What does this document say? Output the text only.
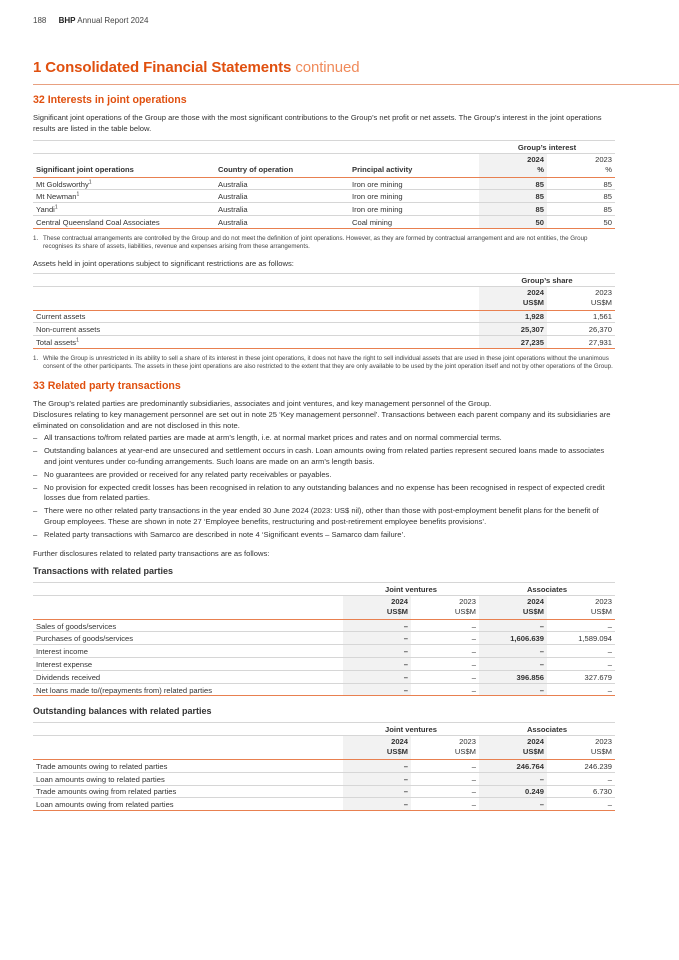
188 BHP Annual Report 2024
1 Consolidated Financial Statements continued
32 Interests in joint operations

Significant joint operations of the Group are those with the most significant contributions to the Group’s net profit or net assets. The Group’s interest in the joint operations results are listed in the table below.

			Group’s interest	
Significant joint operations	Country of operation	Principal activity	2024
%	2023
%
Mt Goldsworthy$^1$	Australia	Iron ore mining	85	85
Mt Newman$^1$	Australia	Iron ore mining	85	85
Yandi$^1$	Australia	Iron ore mining	85	85
Central Queensland Coal Associates	Australia	Coal mining	50	50
1. These contractual arrangements are controlled by the Group and do not meet the definition of joint operations. However, as they are formed by contractual arrangement and are not entities, the Group recognises its share of assets, liabilities, revenue and expenses arising from these arrangements.

Assets held in joint operations subject to significant restrictions are as follows:

	Group’s share	
	2024
US$M	2023
US$M
Current assets	1,928	1,561
Non-current assets	25,307	26,370
Total assets$^1$	27,235	27,931
1. While the Group is unrestricted in its ability to sell a share of its interest in these joint operations, it does not have the right to sell individual assets that are used in these joint operations without the unanimous consent of the other participants. The assets in these joint operations are also restricted to the extent that they are only available to be used by the joint operation itself and not by other operations of the Group.
33 Related party transactions

The Group’s related parties are predominantly subsidiaries, associates and joint ventures, and key management personnel of the Group.

Disclosures relating to key management personnel are set out in note 25 ‘Key management personnel’. Transactions between each parent company and its subsidiaries are eliminated on consolidation and are not disclosed in this note.

– All transactions to/from related parties are made at arm’s length, i.e. at normal market prices and rates and on normal commercial terms.
– Outstanding balances at year-end are unsecured and settlement occurs in cash. Loan amounts owing from related parties represent secured loans made to associates and joint ventures under co-funding arrangements. Such loans are made on an arm’s length basis.
– No guarantees are provided or received for any related party receivables or payables.
– No provision for expected credit losses has been recognised in relation to any outstanding balances and no expense has been recognised in respect of expected credit losses due from related parties.
– There were no other related party transactions in the year ended 30 June 2024 (2023: US$ nil), other than those with post-employment benefit plans for the benefit of Group employees. These are shown in note 27 ‘Employee benefits, restructuring and post-retirement employee benefits provisions’.
– Related party transactions with Samarco are described in note 4 ‘Significant events – Samarco dam failure’.

Further disclosures related to related party transactions are as follows:

Transactions with related parties
	Joint ventures		Associates	
	2024
US$M	2023
US$M	2024
US$M	2023
US$M
Sales of goods/services	–	–	–	–
Purchases of goods/services	–	–	1,606.639	1,589.094
Interest income	–	–	–	–
Interest expense	–	–	–	–
Dividends received	–	–	396.856	327.679
Net loans made to/(repayments from) related parties	–	–	–	–
Outstanding balances with related parties
	Joint ventures		Associates	
	2024
US$M	2023
US$M	2024
US$M	2023
US$M
Trade amounts owing to related parties	–	–	246.764	246.239
Loan amounts owing to related parties	–	–	–	–
Trade amounts owing from related parties	–	–	0.249	6.730
Loan amounts owing from related parties	–	–	–	–
